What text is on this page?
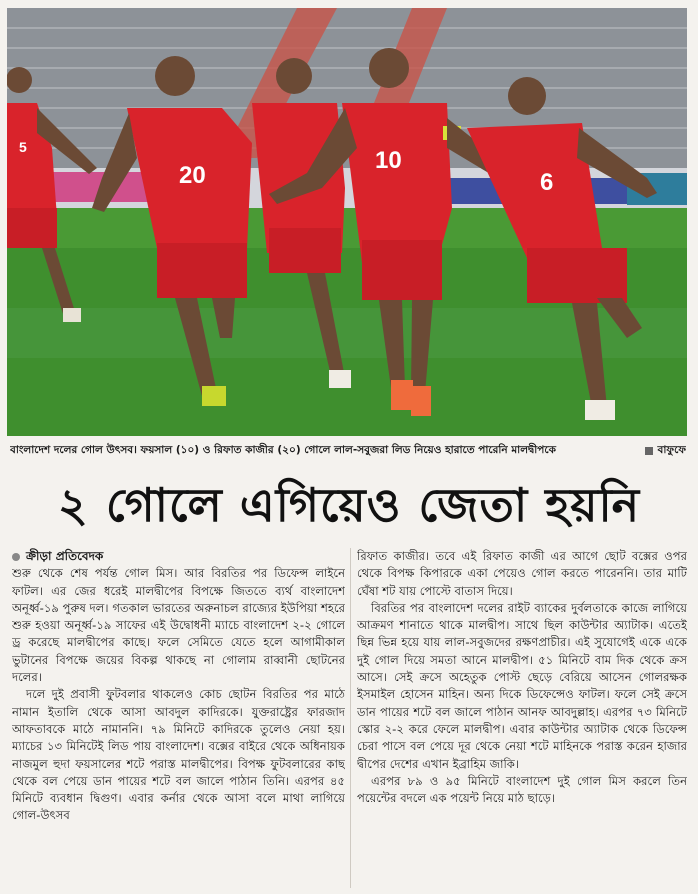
5
20
10
6
বাংলাদেশ দলের গোল উৎসব। ফয়সাল (১০) ও রিফাত কাজীর (২০) গোলে লাল-সবুজরা লিড নিয়েও হারাতে পারেনি মালদ্বীপকে	বাফুফে
২ গোলে এগিয়েও জেতা হয়নি
ক্রীড়া প্রতিবেদক

শুরু থেকে শেষ পর্যন্ত গোল মিস। আর বিরতির পর ডিফেন্স লাইনে ফাটল। এর জের ধরেই মালদ্বীপের বিপক্ষে জিততে ব্যর্থ বাংলাদেশ অনূর্ধ্ব-১৯ পুরুষ দল। গতকাল ভারতের অরুনাচল রাজ্যের ইউপিয়া শহরে শুরু হওয়া অনূর্ধ্ব-১৯ সাফের এই উদ্বোধনী ম্যাচে বাংলাদেশ ২-২ গোলে ড্র করেছে মালদ্বীপের কাছে। ফলে সেমিতে যেতে হলে আগামীকাল ভুটানের বিপক্ষে জয়ের বিকল্প থাকছে না গোলাম রাব্বানী ছোটনের দলের।

দলে দুই প্রবাসী ফুটবলার থাকলেও কোচ ছোটন বিরতির পর মাঠে নামান ইতালি থেকে আসা আবদুল কাদিরকে। যুক্তরাষ্ট্রের ফারজাদ আফতাবকে মাঠে নামাননি। ৭৯ মিনিটে কাদিরকে তুলেও নেয়া হয়। ম্যাচের ১৩ মিনিটেই লিড পায় বাংলাদেশ। বক্সের বাইরে থেকে অধিনায়ক নাজমুল হুদা ফয়সালের শটে পরাস্ত মালদ্বীপের। বিপক্ষ ফুটবলারের কাছ থেকে বল পেয়ে ডান পায়ের শটে বল জালে পাঠান তিনি। এরপর ৪৫ মিনিটে ব্যবধান দ্বিগুণ। এবার কর্নার থেকে আসা বলে মাথা লাগিয়ে গোল-উৎসব

রিফাত কাজীর। তবে এই রিফাত কাজী এর আগে ছোট বক্সের ওপর থেকে বিপক্ষ কিপারকে একা পেয়েও গোল করতে পারেননি। তার মাটি ঘেঁষা শট যায় পোস্টে বাতাস দিয়ে।

বিরতির পর বাংলাদেশ দলের রাইট ব্যাকের দুর্বলতাকে কাজে লাগিয়ে আক্রমণ শানাতে থাকে মালদ্বীপ। সাথে ছিল কাউন্টার অ্যাটাক। এতেই ছিন্ন ভিন্ন হয়ে যায় লাল-সবুজদের রক্ষণপ্রাচীর। এই সুযোগেই একে একে দুই গোল দিয়ে সমতা আনে মালদ্বীপ। ৫১ মিনিটে বাম দিক থেকে ক্রস আসে। সেই ক্রসে অহেতুক পোস্ট ছেড়ে বেরিয়ে আসেন গোলরক্ষক ইসমাইল হোসেন মাহিন। অন্য দিকে ডিফেন্সেও ফাটল। ফলে সেই ক্রসে ডান পায়ের শটে বল জালে পাঠান আনফ আবদুল্লাহ। এরপর ৭৩ মিনিটে স্কোর ২-২ করে ফেলে মালদ্বীপ। এবার কাউন্টার অ্যাটাক থেকে ডিফেন্স চেরা পাসে বল পেয়ে দূর থেকে নেয়া শটে মাহিনকে পরাস্ত করেন হাজার দ্বীপের দেশের এখান ইব্রাহিম জাকি।

এরপর ৮৯ ও ৯৫ মিনিটে বাংলাদেশ দুই গোল মিস করলে তিন পয়েন্টের বদলে এক পয়েন্ট নিয়ে মাঠ ছাড়ে।
